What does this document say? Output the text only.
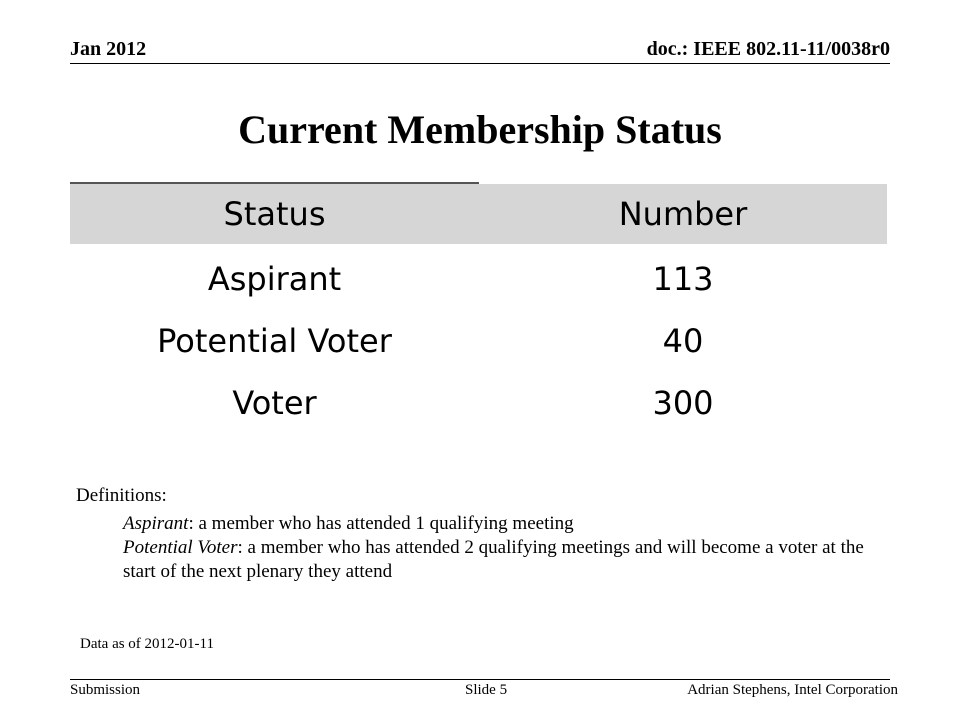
Jan 2012	doc.: IEEE 802.11-11/0038r0
Current Membership Status
Status	Number
Aspirant	113
Potential Voter	40
Voter	300

Definitions:

Aspirant: a member who has attended 1 qualifying meeting

Potential Voter: a member who has attended 2 qualifying meetings and will become a voter at the start of the next plenary they attend

Data as of 2012-01-11
Submission	Slide 5	Adrian Stephens, Intel Corporation
